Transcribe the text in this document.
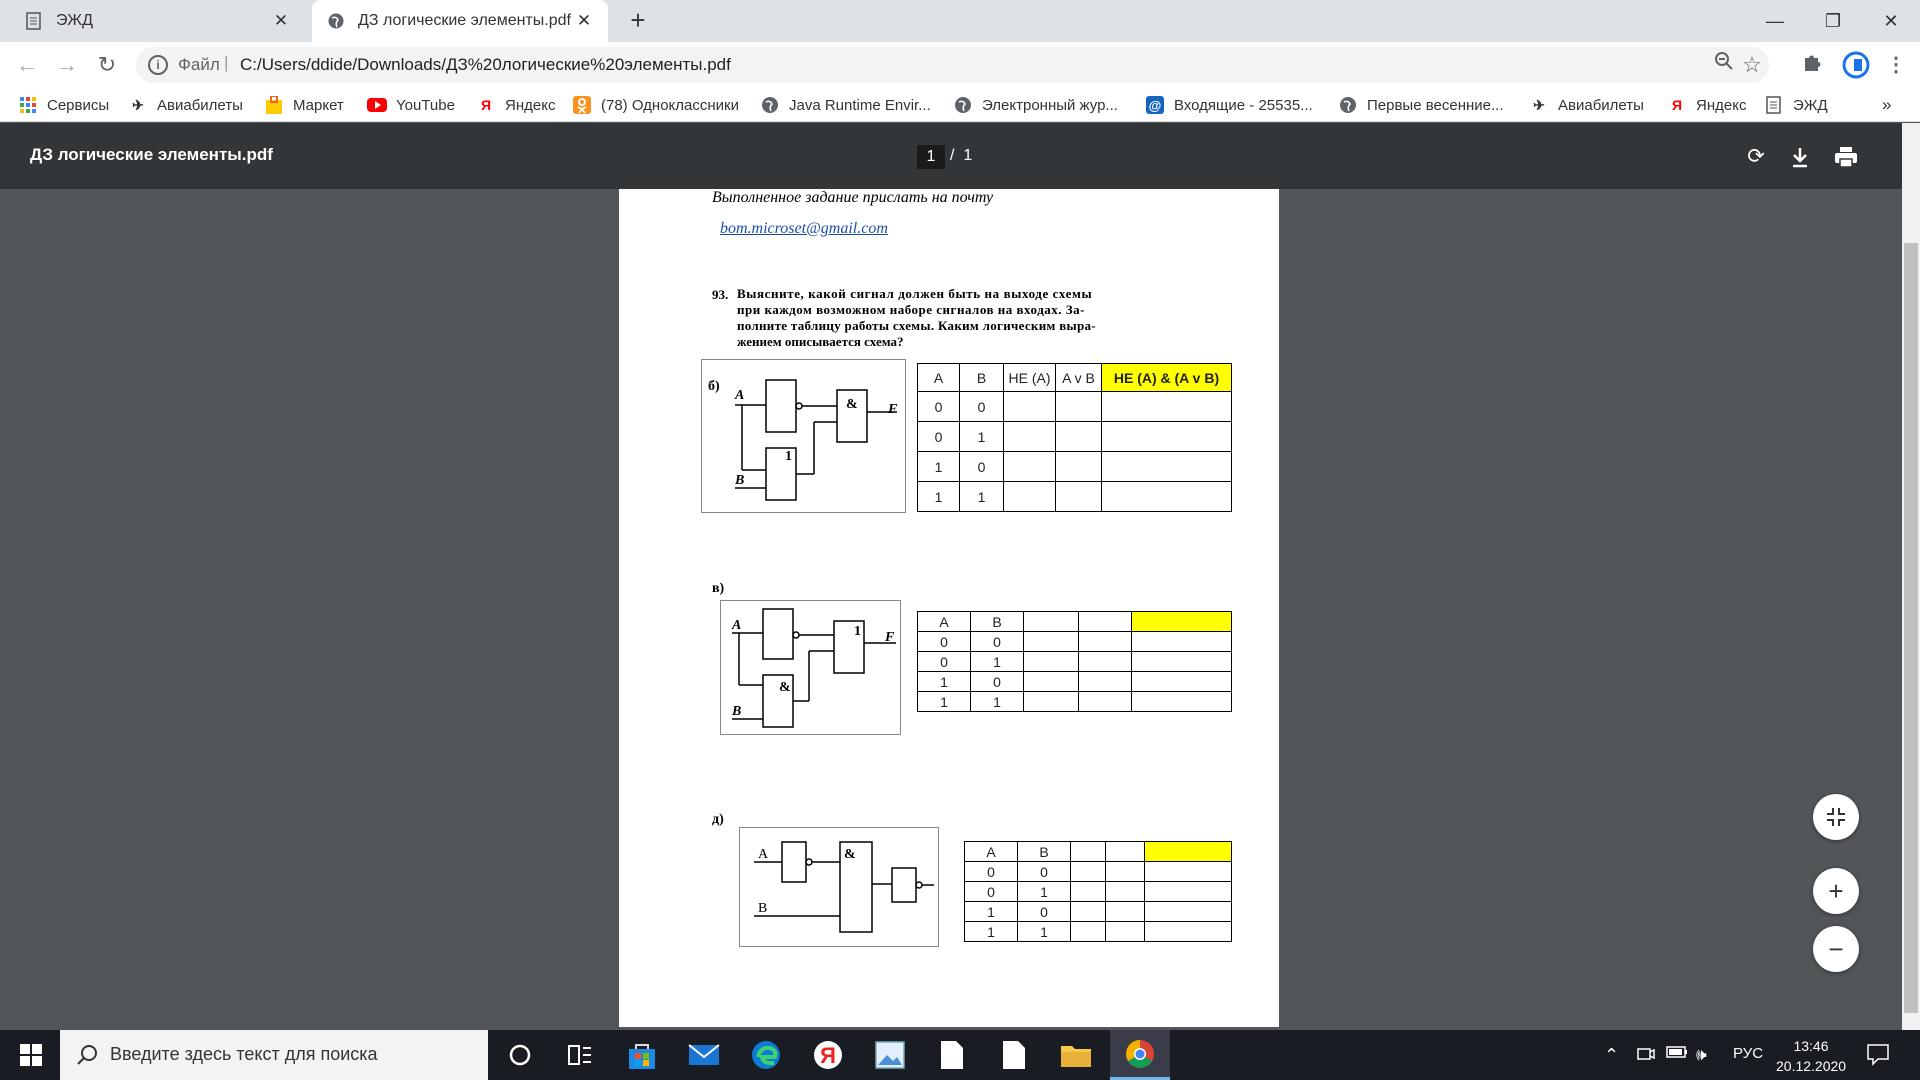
ЭЖД	✕	ДЗ логические элементы.pdf ✕ +	—	❐	✕
← → ↻	i	Файл | C:/Users/ddide/Downloads/ДЗ%20логические%20элементы.pdf	☆	⋮
Сервисы ✈ Авиабилеты	Маркет	YouTube	Я Яндекс	(78) Одноклассники	Java Runtime Envir...	Электронный жур... @ Входящие - 25535...	Первые весенние... ✈ Авиабилеты	Я Яндекс	ЭЖД	»
ДЗ логические элементы.pdf	1 / 1	⟳
Выполненное задание прислать на почту
bom.microset@gmail.com
93. Выясните, какой сигнал должен быть на выходе схемы
при каждом возможном наборе сигналов на входах. За-
полните таблицу работы схемы. Каким логическим выра-
жением описывается схема?
б)
A
B
F
1
&
A	B	НЕ (A)	A v B	НЕ (A) & (A v B)
0	0			
0	1			
1	0			
1	1			
в)
A
B
F
&
1
A	B			
0	0			
0	1			
1	0			
1	1			
д)
A
B
&	A	B			
0	0			
0	1			
1	0			
1	1			
+
−
Введите здесь текст для поиска	Я	⌃	🕪 РУС	13:46
20.12.2020
